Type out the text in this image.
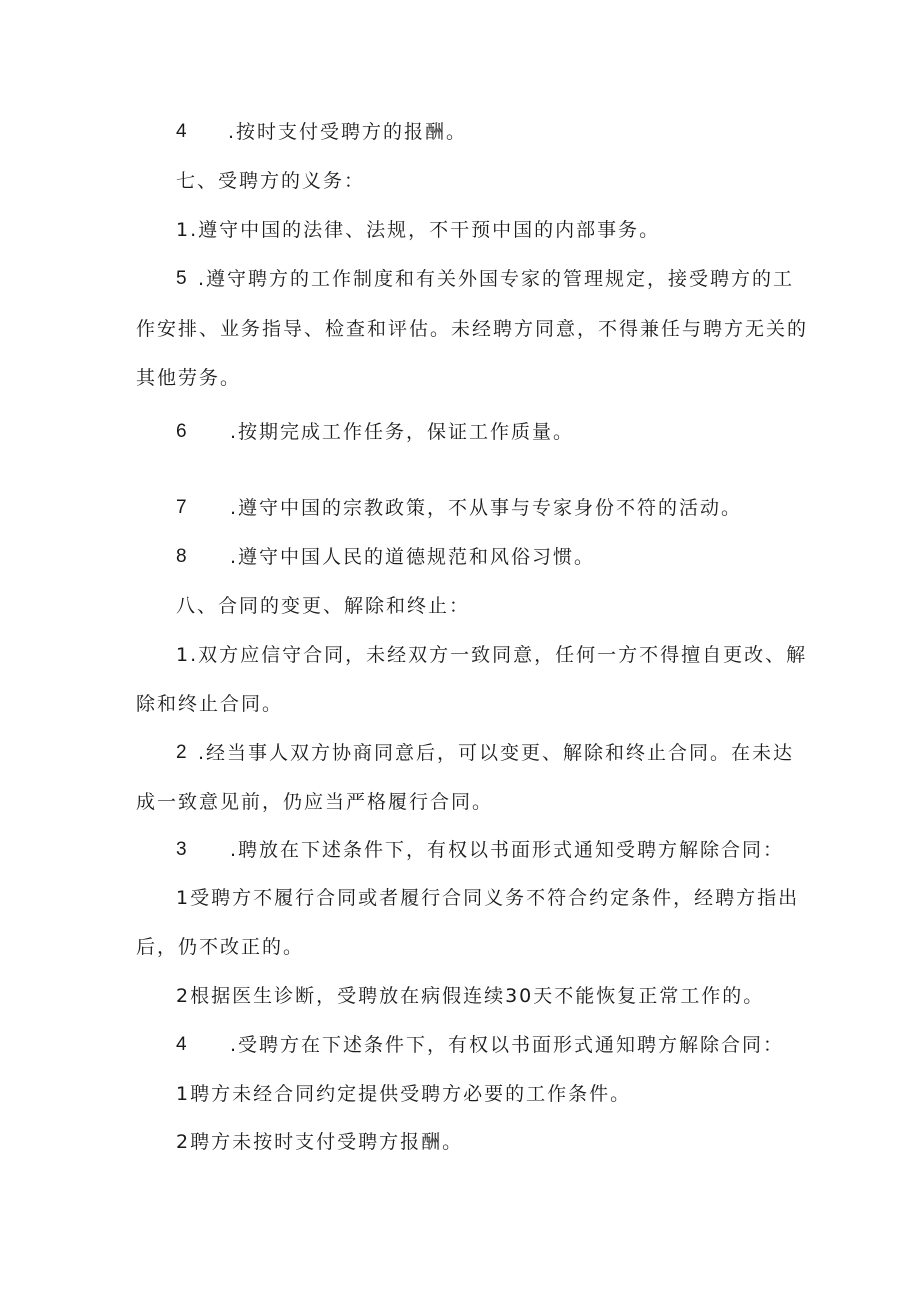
4 .按时支付受聘方的报酬。
七、受聘方的义务：
1.遵守中国的法律、法规，不干预中国的内部事务。
5 .遵守聘方的工作制度和有关外国专家的管理规定，接受聘方的工
作安排、业务指导、检查和评估。未经聘方同意，不得兼任与聘方无关的
其他劳务。
6 .按期完成工作任务，保证工作质量。
7 .遵守中国的宗教政策，不从事与专家身份不符的活动。
8 .遵守中国人民的道德规范和风俗习惯。
八、合同的变更、解除和终止：
1.双方应信守合同，未经双方一致同意，任何一方不得擅自更改、解
除和终止合同。
2 .经当事人双方协商同意后，可以变更、解除和终止合同。在未达
成一致意见前，仍应当严格履行合同。
3 .聘放在下述条件下，有权以书面形式通知受聘方解除合同：
1受聘方不履行合同或者履行合同义务不符合约定条件，经聘方指出
后，仍不改正的。
2根据医生诊断，受聘放在病假连续30天不能恢复正常工作的。
4 .受聘方在下述条件下，有权以书面形式通知聘方解除合同：
1聘方未经合同约定提供受聘方必要的工作条件。
2聘方未按时支付受聘方报酬。
